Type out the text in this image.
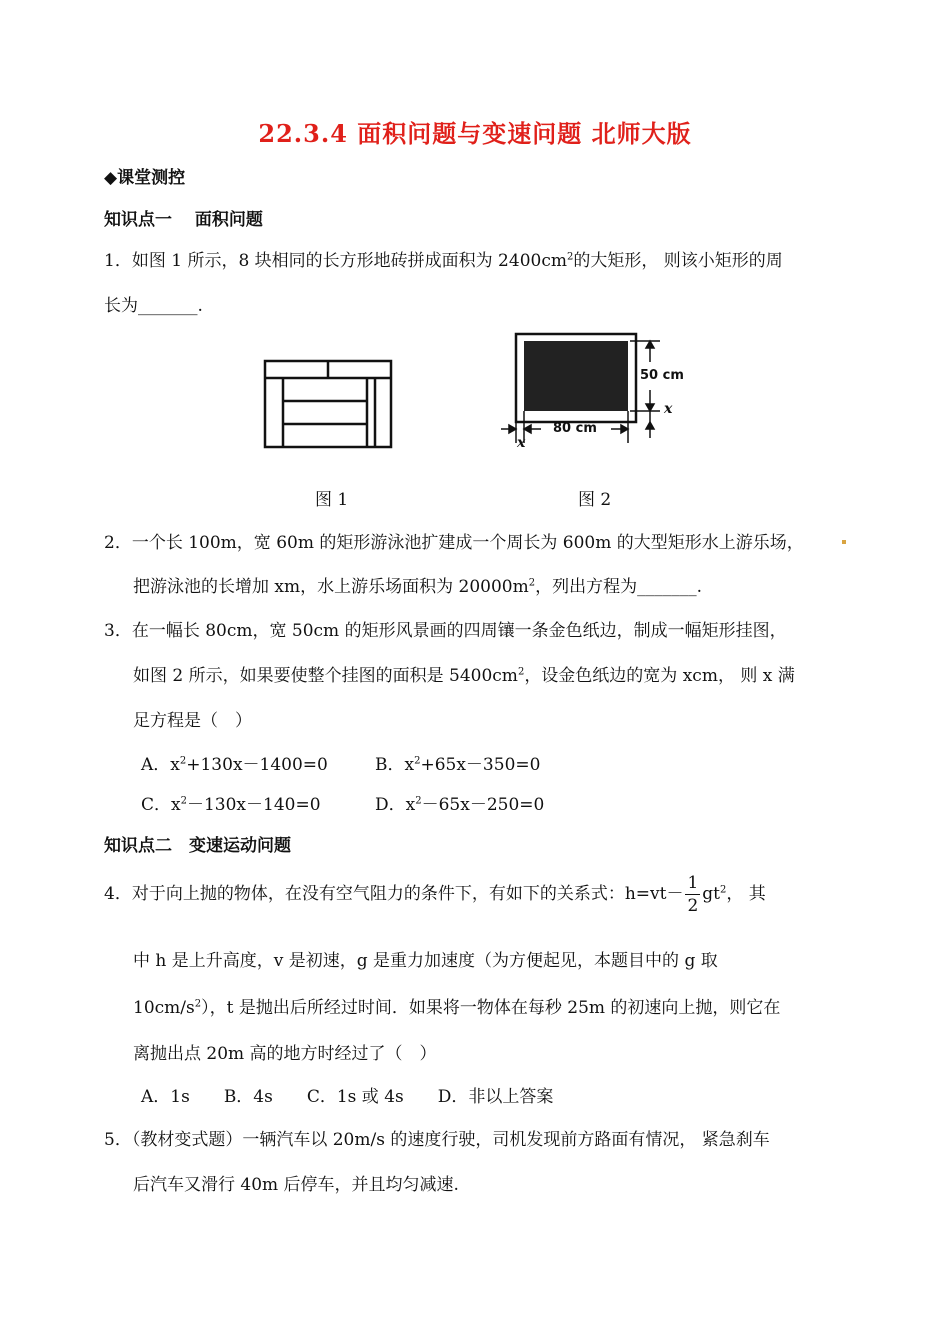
22.3.4 面积问题与变速问题 北师大版
◆课堂测控
知识点一　 面积问题
1．如图 1 所示，8 块相同的长方形地砖拼成面积为 $2400cm^2$的大矩形， 则该小矩形的周
长为_______.
50 cm
80 cm
x
x
图 1	图 2
2．一个长 100m，宽 60m 的矩形游泳池扩建成一个周长为 600m 的大型矩形水上游乐场，
把游泳池的长增加 xm，水上游乐场面积为 $20000m^2$，列出方程为_______.
3．在一幅长 80cm，宽 50cm 的矩形风景画的四周镶一条金色纸边，制成一幅矩形挂图，
如图 2 所示，如果要使整个挂图的面积是 $5400cm^2$，设金色纸边的宽为 xcm， 则 x 满
足方程是（　）
A．$x^2+130x-1400=0$	B．$x^2+65x-350=0$
C．$x^2-130x-140=0$	D．$x^2-65x-250=0$
知识点二　变速运动问题
4．对于向上抛的物体，在没有空气阻力的条件下，有如下的关系式：$h=vt- \frac{1}{2} gt^2$， 其
中 h 是上升高度，v 是初速，g 是重力加速度（为方便起见，本题目中的 g 取
$10cm/s^2$），t 是抛出后所经过时间．如果将一物体在每秒 25m 的初速向上抛，则它在
离抛出点 20m 高的地方时经过了（　）
A．1s　　B．4s　　C．1s 或 4s　　D．非以上答案
5．（教材变式题）一辆汽车以 20m/s 的速度行驶，司机发现前方路面有情况， 紧急刹车
后汽车又滑行 40m 后停车，并且均匀减速.
